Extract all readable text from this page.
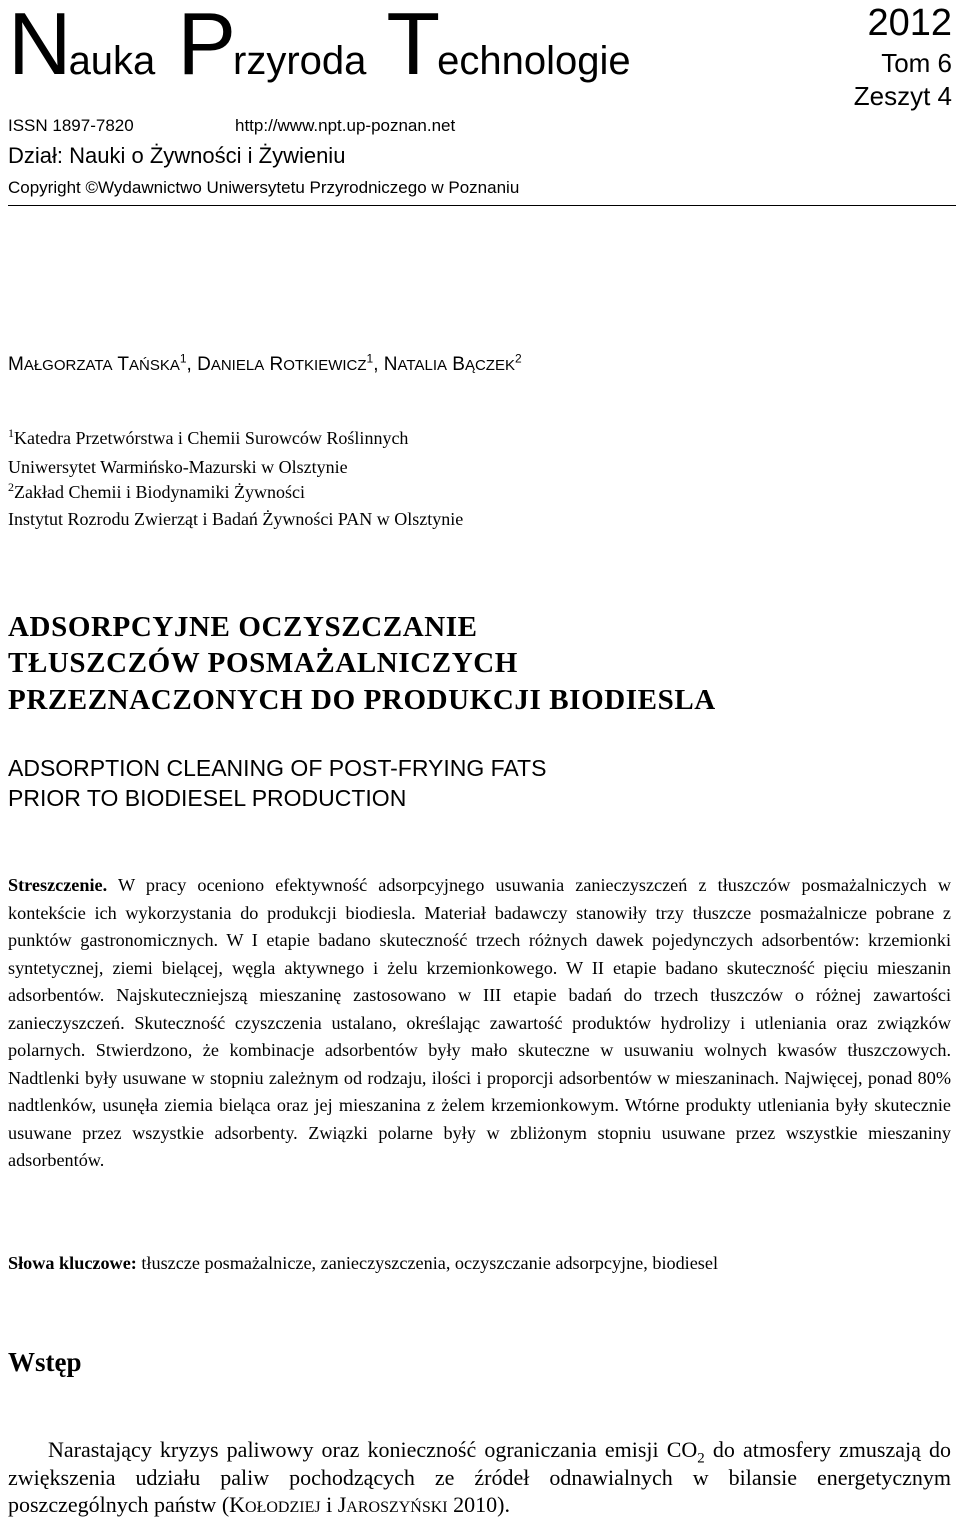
Nauka Przyroda Technologie
2012
Tom 6
Zeszyt 4
ISSN 1897-7820	http://www.npt.up-poznan.net
Dział: Nauki o Żywności i Żywieniu
Copyright ©Wydawnictwo Uniwersytetu Przyrodniczego w Poznaniu
MAŁGORZATA TAŃSKA$^1$, DANIELA ROTKIEWICZ$^1$, NATALIA BĄCZEK$^2$
$^1$Katedra Przetwórstwa i Chemii Surowców Roślinnych
Uniwersytet Warmińsko-Mazurski w Olsztynie
$^2$Zakład Chemii i Biodynamiki Żywności
Instytut Rozrodu Zwierząt i Badań Żywności PAN w Olsztynie
ADSORPCYJNE OCZYSZCZANIE
TŁUSZCZÓW POSMAŻALNICZYCH
PRZEZNACZONYCH DO PRODUKCJI BIODIESLA
ADSORPTION CLEANING OF POST-FRYING FATS
PRIOR TO BIODIESEL PRODUCTION
Streszczenie. W pracy oceniono efektywność adsorpcyjnego usuwania zanieczyszczeń z tłuszczów posmażalniczych w kontekście ich wykorzystania do produkcji biodiesla. Materiał badawczy stanowiły trzy tłuszcze posmażalnicze pobrane z punktów gastronomicznych. W I etapie badano skuteczność trzech różnych dawek pojedynczych adsorbentów: krzemionki syntetycznej, ziemi bielącej, węgla aktywnego i żelu krzemionkowego. W II etapie badano skuteczność pięciu mieszanin adsorbentów. Najskuteczniejszą mieszaninę zastosowano w III etapie badań do trzech tłuszczów o różnej zawartości zanieczyszczeń. Skuteczność czyszczenia ustalano, określając zawartość produktów hydrolizy i utleniania oraz związków polarnych. Stwierdzono, że kombinacje adsorbentów były mało skuteczne w usuwaniu wolnych kwasów tłuszczowych. Nadtlenki były usuwane w stopniu zależnym od rodzaju, ilości i proporcji adsorbentów w mieszaninach. Najwięcej, ponad 80% nadtlenków, usunęła ziemia bieląca oraz jej mieszanina z żelem krzemionkowym. Wtórne produkty utleniania były skutecznie usuwane przez wszystkie adsorbenty. Związki polarne były w zbliżonym stopniu usuwane przez wszystkie mieszaniny adsorbentów.
Słowa kluczowe: tłuszcze posmażalnicze, zanieczyszczenia, oczyszczanie adsorpcyjne, biodiesel
Wstęp
Narastający kryzys paliwowy oraz konieczność ograniczania emisji $CO_2$ do atmosfery zmuszają do zwiększenia udziału paliw pochodzących ze źródeł odnawialnych w bilansie energetycznym poszczególnych państw (KOŁODZIEJ i JAROSZYŃSKI 2010).
